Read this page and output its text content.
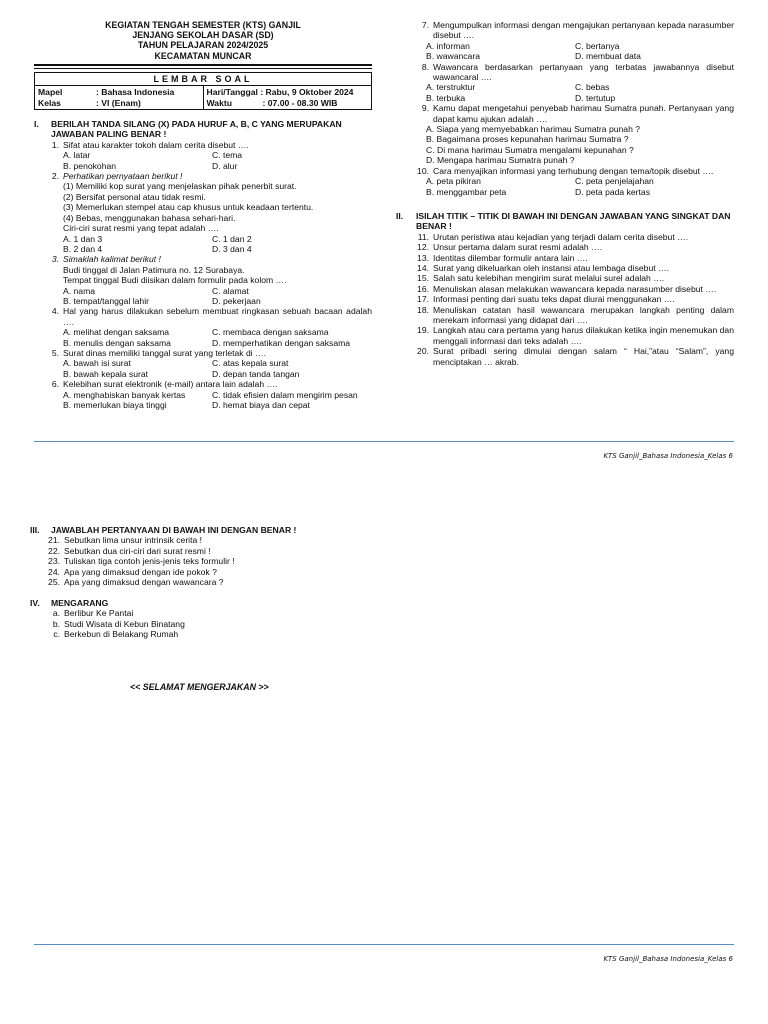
KEGIATAN TENGAH SEMESTER (KTS) GANJIL
JENJANG SEKOLAH DASAR (SD)
TAHUN PELAJARAN 2024/2025
KECAMATAN MUNCAR
LEMBAR SOAL
Mapel	: Bahasa Indonesia
Kelas	: VI (Enam)
Hari/Tanggal
: Rabu, 9 Oktober 2024
Waktu	: 07.00 - 08.30 WIB
I.	BERILAH TANDA SILANG (X) PADA HURUF A, B, C YANG MERUPAKAN JAWABAN PALING BENAR !
1. Sifat atau karakter tokoh dalam cerita disebut ….
A. latar	C. tema
B. penokohan	D. alur
2. Perhatikan pernyataan berikut !
(1) Memiliki kop surat yang menjelaskan pihak penerbit surat.
(2) Bersifat personal atau tidak resmi.
(3) Memerlukan stempel atau cap khusus untuk keadaan tertentu.
(4) Bebas, menggunakan bahasa sehari-hari.
Ciri-ciri surat resmi yang tepat adalah ….
A. 1 dan 3	C. 1 dan 2
B. 2 dan 4	D. 3 dan 4
3. Simaklah kalimat berikut !
Budi tinggal di Jalan Patimura no. 12 Surabaya.
Tempat tinggal Budi diisikan dalam formulir pada kolom ….
A. nama	C. alamat
B. tempat/tanggal lahir	D. pekerjaan
4. Hal yang harus dilakukan sebelum membuat ringkasan sebuah bacaan adalah ….
A. melihat dengan saksama	C. membaca dengan saksama
B. menulis dengan saksama	D. memperhatikan dengan saksama
5. Surat dinas memiliki tanggal surat yang terletak di ….
A. bawah isi surat	C. atas kepala surat
B. bawah kepala surat	D. depan tanda tangan
6. Kelebihan surat elektronik (e-mail) antara lain adalah ….
A. menghabiskan banyak kertas	C. tidak efisien dalam mengirim pesan
B. memerlukan biaya tinggi	D. hemat biaya dan cepat
7. Mengumpulkan informasi dengan mengajukan pertanyaan kepada narasumber disebut ….
A. informan	C. bertanya
B. wawancara	D. membuat data
8. Wawancara berdasarkan pertanyaan yang terbatas jawabannya disebut wawancaral ….
A. terstruktur	C. bebas
B. terbuka	D. tertutup
9. Kamu dapat mengetahui penyebab harimau Sumatra punah. Pertanyaan yang dapat kamu ajukan adalah ….
A. Siapa yang memyebabkan harimau Sumatra punah ?
B. Bagaimana proses kepunahan harimau Sumatra ?
C. Di mana harimau Sumatra mengalami kepunahan ?
D. Mengapa harimau Sumatra punah ?
10. Cara menyajikan informasi yang terhubung dengan tema/topik disebut ….
A. peta pikiran	C. peta penjelajahan
B. menggambar peta	D. peta pada kertas
II.	ISILAH TITIK – TITIK DI BAWAH INI DENGAN JAWABAN YANG SINGKAT DAN BENAR !
11. Urutan peristiwa atau kejadian yang terjadi dalam cerita disebut ….
12. Unsur pertama dalam surat resmi adalah ….
13. Identitas dilembar formulir antara lain ….
14. Surat yang dikeluarkan oleh instansi atau lembaga disebut ….
15. Salah satu kelebihan mengirim surat melalui surel adalah ….
16. Menuliskan alasan melakukan wawancara kepada narasumber disebut ….
17. Informasi penting dari suatu teks dapat diurai menggunakan ….
18. Menuliskan catatan hasil wawancara merupakan langkah penting dalam merekam informasi yang didapat dari ….
19. Langkah atau cara pertama yang harus dilakukan ketika ingin menemukan dan menggali informasi dari teks adalah ….
20. Surat pribadi sering dimulai dengan salam “ Hai,”atau “Salam”, yang menciptakan … akrab.
KTS Ganjil_Bahasa Indonesia_Kelas 6
III.	JAWABLAH PERTANYAAN DI BAWAH INI DENGAN BENAR !
21. Sebutkan lima unsur intrinsik cerita !
22. Sebutkan dua ciri-ciri dari surat resmi !
23. Tuliskan tiga contoh jenis-jenis teks formulir !
24. Apa yang dimaksud dengan ide pokok ?
25. Apa yang dimaksud dengan wawancara ?
IV.	MENGARANG
a. Berlibur Ke Pantai
b. Studi Wisata di Kebun Binatang
c. Berkebun di Belakang Rumah
<< SELAMAT MENGERJAKAN >>
KTS Ganjil_Bahasa Indonesia_Kelas 6
